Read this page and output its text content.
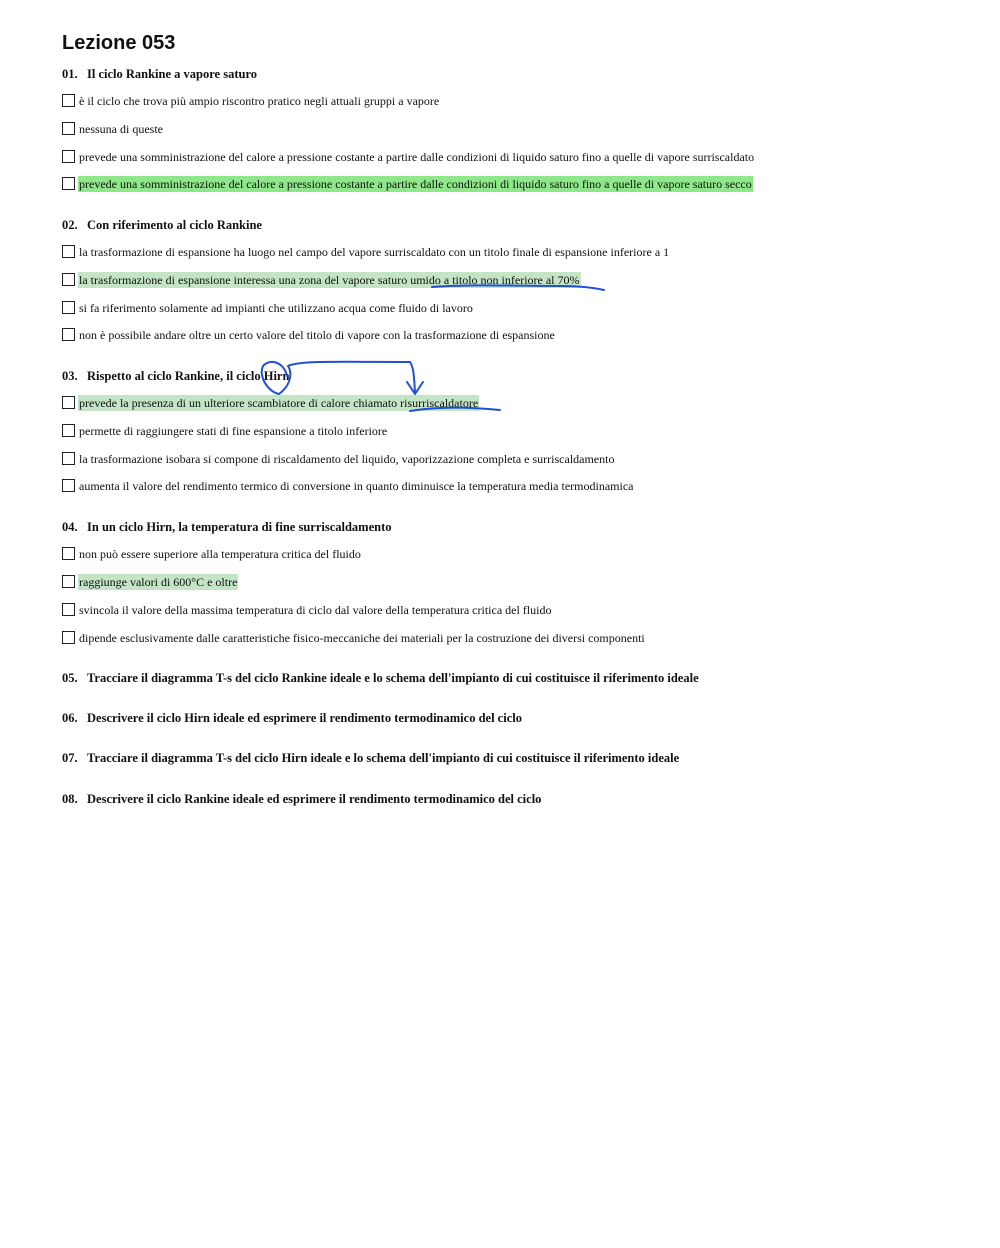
Lezione 053
01. Il ciclo Rankine a vapore saturo
è il ciclo che trova più ampio riscontro pratico negli attuali gruppi a vapore
nessuna di queste
prevede una somministrazione del calore a pressione costante a partire dalle condizioni di liquido saturo fino a quelle di vapore surriscaldato
prevede una somministrazione del calore a pressione costante a partire dalle condizioni di liquido saturo fino a quelle di vapore saturo secco
02. Con riferimento al ciclo Rankine
la trasformazione di espansione ha luogo nel campo del vapore surriscaldato con un titolo finale di espansione inferiore a 1
la trasformazione di espansione interessa una zona del vapore saturo umido a titolo non inferiore al 70%
si fa riferimento solamente ad impianti che utilizzano acqua come fluido di lavoro
non è possibile andare oltre un certo valore del titolo di vapore con la trasformazione di espansione
03. Rispetto al ciclo Rankine, il ciclo Hirn
prevede la presenza di un ulteriore scambiatore di calore chiamato risurriscaldatore
permette di raggiungere stati di fine espansione a titolo inferiore
la trasformazione isobara si compone di riscaldamento del liquido, vaporizzazione completa e surriscaldamento
aumenta il valore del rendimento termico di conversione in quanto diminuisce la temperatura media termodinamica
04. In un ciclo Hirn, la temperatura di fine surriscaldamento
non può essere superiore alla temperatura critica del fluido
raggiunge valori di 600°C e oltre
svincola il valore della massima temperatura di ciclo dal valore della temperatura critica del fluido
dipende esclusivamente dalle caratteristiche fisico-meccaniche dei materiali per la costruzione dei diversi componenti
05. Tracciare il diagramma T-s del ciclo Rankine ideale e lo schema dell'impianto di cui costituisce il riferimento ideale
06. Descrivere il ciclo Hirn ideale ed esprimere il rendimento termodinamico del ciclo
07. Tracciare il diagramma T-s del ciclo Hirn ideale e lo schema dell'impianto di cui costituisce il riferimento ideale
08. Descrivere il ciclo Rankine ideale ed esprimere il rendimento termodinamico del ciclo
